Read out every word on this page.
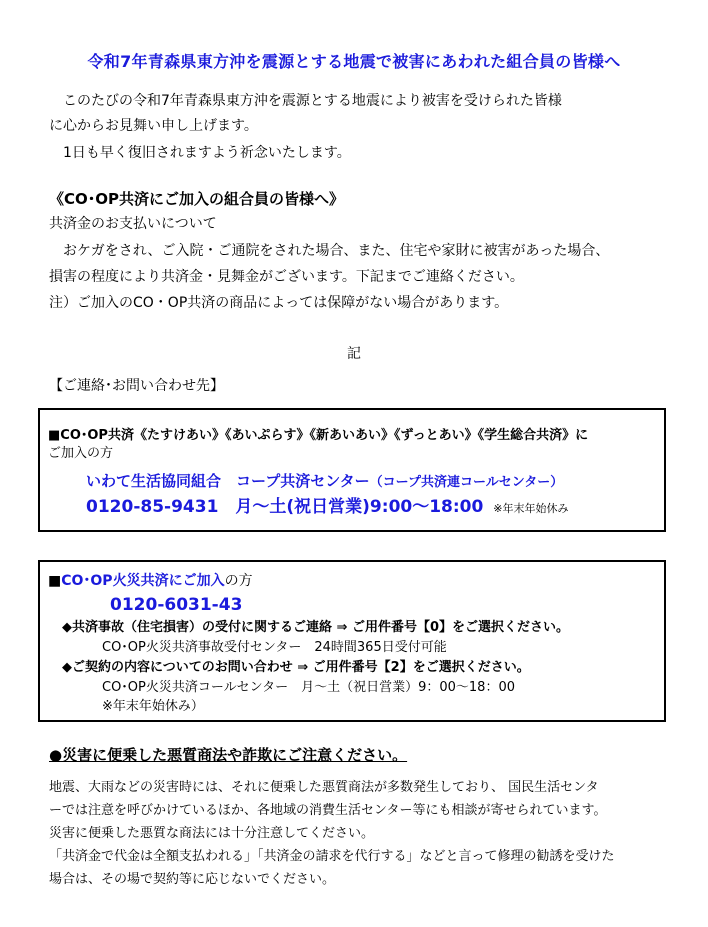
令和7年青森県東方沖を震源とする地震で被害にあわれた組合員の皆様へ
　このたびの令和7年青森県東方沖を震源とする地震により被害を受けられた皆様
に心からお見舞い申し上げます。
　1日も早く復旧されますよう祈念いたします。
《CO･OP共済にご加入の組合員の皆様へ》
共済金のお支払いについて
　おケガをされ、ご入院・ご通院をされた場合、また、住宅や家財に被害があった場合、
損害の程度により共済金・見舞金がございます。下記までご連絡ください。
注）ご加入のCO・OP共済の商品によっては保障がない場合があります。
記
【ご連絡･お問い合わせ先】
■CO･OP共済《たすけあい》《あいぷらす》《新あいあい》《ずっとあい》《学生総合共済》に
ご加入の方
いわて生活協同組合　コープ共済センター（コープ共済連コールセンター）
0120-85-9431　月～土(祝日営業)9:00～18:00 ※年末年始休み
■CO･OP火災共済にご加入の方
0120-6031-43
◆共済事故（住宅損害）の受付に関するご連絡 ⇒ ご用件番号【0】をご選択ください。
CO･OP火災共済事故受付センター　24時間365日受付可能
◆ご契約の内容についてのお問い合わせ ⇒ ご用件番号【2】をご選択ください。
CO･OP火災共済コールセンター　月～土（祝日営業）9：00～18：00
※年末年始休み）
●災害に便乗した悪質商法や詐欺にご注意ください。
地震、大雨などの災害時には、それに便乗した悪質商法が多数発生しており、 国民生活センタ
ーでは注意を呼びかけているほか、各地域の消費生活センター等にも相談が寄せられています。
災害に便乗した悪質な商法には十分注意してください。
「共済金で代金は全額支払われる」「共済金の請求を代行する」などと言って修理の勧誘を受けた
場合は、その場で契約等に応じないでください。
